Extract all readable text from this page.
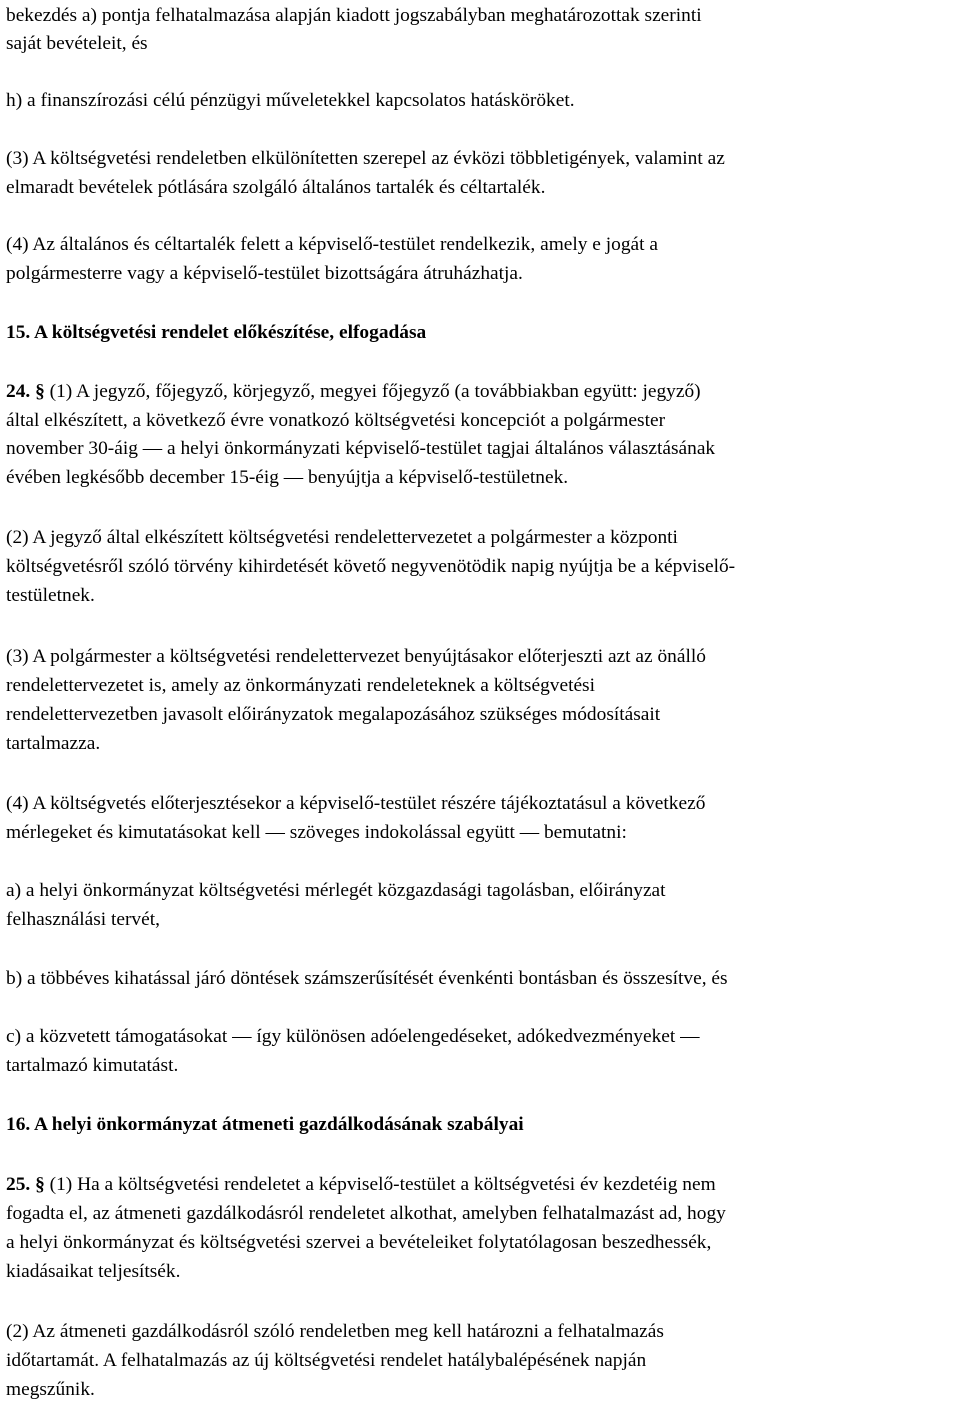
bekezdés a) pontja felhatalmazása alapján kiadott jogszabályban meghatározottak szerinti
saját bevételeit, és
h) a finanszírozási célú pénzügyi műveletekkel kapcsolatos hatásköröket.
(3) A költségvetési rendeletben elkülönítetten szerepel az évközi többletigények, valamint az
elmaradt bevételek pótlására szolgáló általános tartalék és céltartalék.
(4) Az általános és céltartalék felett a képviselő-testület rendelkezik, amely e jogát a
polgármesterre vagy a képviselő-testület bizottságára átruházhatja.
15. A költségvetési rendelet előkészítése, elfogadása
24. § (1) A jegyző, főjegyző, körjegyző, megyei főjegyző (a továbbiakban együtt: jegyző)
által elkészített, a következő évre vonatkozó költségvetési koncepciót a polgármester
november 30-áig — a helyi önkormányzati képviselő-testület tagjai általános választásának
évében legkésőbb december 15-éig — benyújtja a képviselő-testületnek.
(2) A jegyző által elkészített költségvetési rendelettervezetet a polgármester a központi
költségvetésről szóló törvény kihirdetését követő negyvenötödik napig nyújtja be a képviselő-
testületnek.
(3) A polgármester a költségvetési rendelettervezet benyújtásakor előterjeszti azt az önálló
rendelettervezetet is, amely az önkormányzati rendeleteknek a költségvetési
rendelettervezetben javasolt előirányzatok megalapozásához szükséges módosításait
tartalmazza.
(4) A költségvetés előterjesztésekor a képviselő-testület részére tájékoztatásul a következő
mérlegeket és kimutatásokat kell — szöveges indokolással együtt — bemutatni:
a) a helyi önkormányzat költségvetési mérlegét közgazdasági tagolásban, előirányzat
felhasználási tervét,
b) a többéves kihatással járó döntések számszerűsítését évenkénti bontásban és összesítve, és
c) a közvetett támogatásokat — így különösen adóelengedéseket, adókedvezményeket —
tartalmazó kimutatást.
16. A helyi önkormányzat átmeneti gazdálkodásának szabályai
25. § (1) Ha a költségvetési rendeletet a képviselő-testület a költségvetési év kezdetéig nem
fogadta el, az átmeneti gazdálkodásról rendeletet alkothat, amelyben felhatalmazást ad, hogy
a helyi önkormányzat és költségvetési szervei a bevételeiket folytatólagosan beszedhessék,
kiadásaikat teljesítsék.
(2) Az átmeneti gazdálkodásról szóló rendeletben meg kell határozni a felhatalmazás
időtartamát. A felhatalmazás az új költségvetési rendelet hatálybalépésének napján
megszűnik.
